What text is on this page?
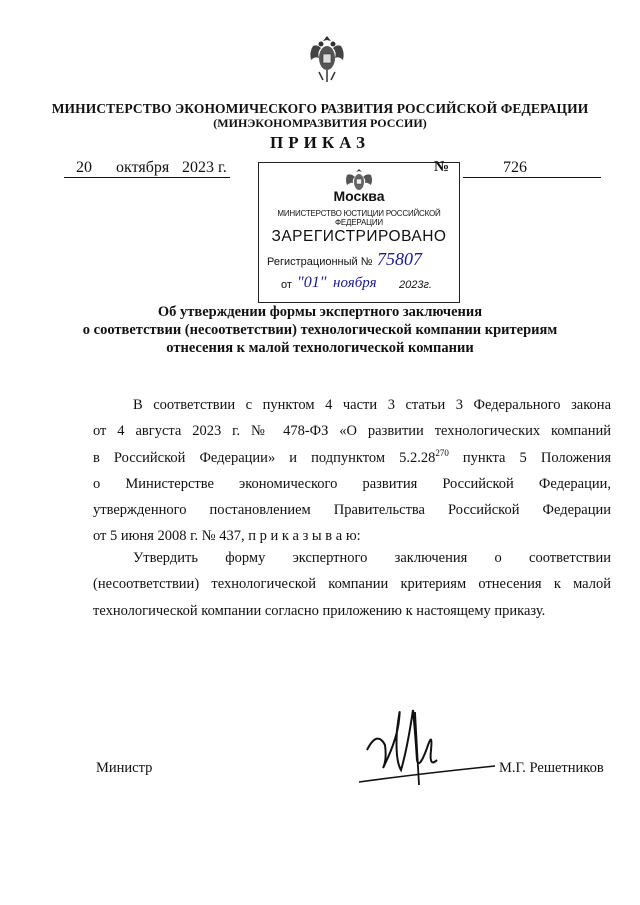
МИНИСТЕРСТВО ЭКОНОМИЧЕСКОГО РАЗВИТИЯ РОССИЙСКОЙ ФЕДЕРАЦИИ
(МИНЭКОНОМРАЗВИТИЯ РОССИИ)
ПРИКАЗ
20 октября 2023 г.	№	726
Москва
МИНИСТЕРСТВО ЮСТИЦИИ РОССИЙСКОЙ ФЕДЕРАЦИИ
ЗАРЕГИСТРИРОВАНО
Регистрационный № 75807
от "01" ноября 2023г.
Об утверждении формы экспертного заключения
о соответствии (несоответствии) технологической компании критериям
отнесения к малой технологической компании
В соответствии с пунктом 4 части 3 статьи 3 Федерального закона
от 4 августа 2023 г. № 478-ФЗ «О развитии технологических компаний
в Российской Федерации» и подпунктом 5.2.28$^{270}$ пункта 5 Положения
о Министерстве экономического развития Российской Федерации,
утвержденного постановлением Правительства Российской Федерации
от 5 июня 2008 г. № 437, п р и к а з ы в а ю:
Утвердить форму экспертного заключения о соответствии
(несоответствии) технологической компании критериям отнесения к малой
технологической компании согласно приложению к настоящему приказу.
Министр	М.Г. Решетников
